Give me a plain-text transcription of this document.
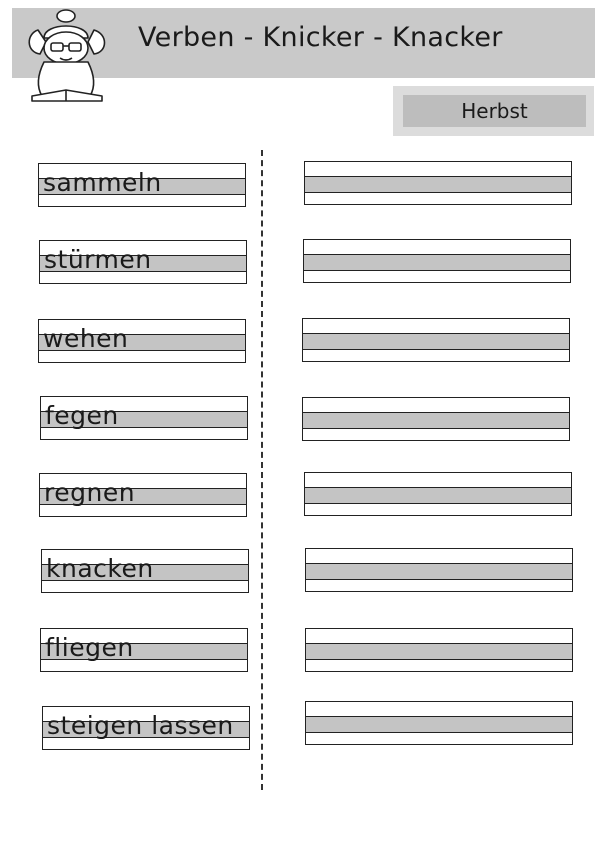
Verben - Knicker - Knacker
Herbst
sammeln
stürmen
wehen
fegen
regnen
knacken
fliegen
steigen lassen
